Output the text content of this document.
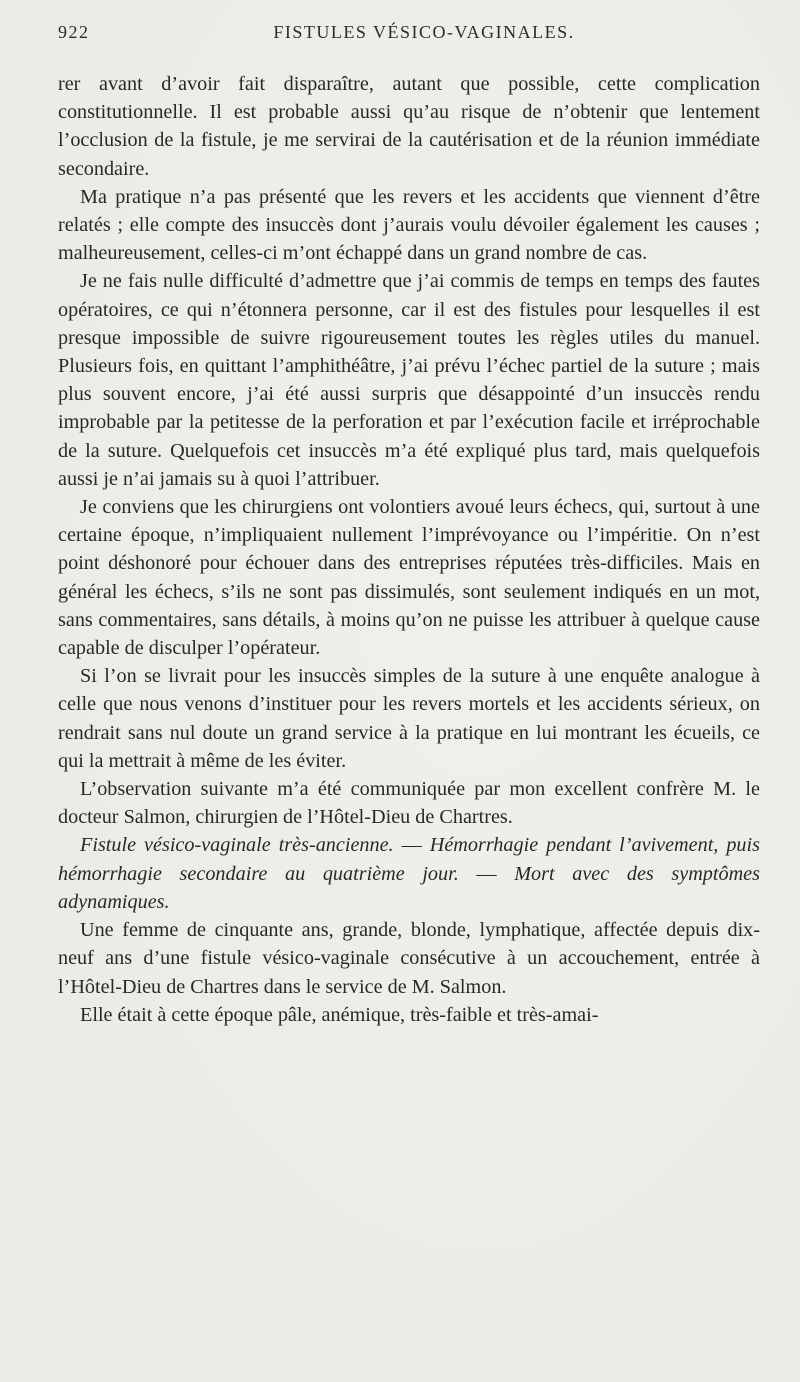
922	FISTULES VÉSICO-VAGINALES.

rer avant d’avoir fait disparaître, autant que possible, cette complication constitutionnelle. Il est probable aussi qu’au risque de n’obtenir que lentement l’occlusion de la fistule, je me servirai de la cautérisation et de la réunion immédiate secondaire.

Ma pratique n’a pas présenté que les revers et les accidents que viennent d’être relatés ; elle compte des insuccès dont j’aurais voulu dévoiler également les causes ; malheureusement, celles-ci m’ont échappé dans un grand nombre de cas.

Je ne fais nulle difficulté d’admettre que j’ai commis de temps en temps des fautes opératoires, ce qui n’étonnera personne, car il est des fistules pour lesquelles il est presque impossible de suivre rigoureusement toutes les règles utiles du manuel. Plusieurs fois, en quittant l’amphithéâtre, j’ai prévu l’échec partiel de la suture ; mais plus souvent encore, j’ai été aussi surpris que désappointé d’un insuccès rendu improbable par la petitesse de la perforation et par l’exécution facile et irréprochable de la suture. Quelquefois cet insuccès m’a été expliqué plus tard, mais quelquefois aussi je n’ai jamais su à quoi l’attribuer.

Je conviens que les chirurgiens ont volontiers avoué leurs échecs, qui, surtout à une certaine époque, n’impliquaient nullement l’imprévoyance ou l’impéritie. On n’est point déshonoré pour échouer dans des entreprises réputées très-difficiles. Mais en général les échecs, s’ils ne sont pas dissimulés, sont seulement indiqués en un mot, sans commentaires, sans détails, à moins qu’on ne puisse les attribuer à quelque cause capable de disculper l’opérateur.

Si l’on se livrait pour les insuccès simples de la suture à une enquête analogue à celle que nous venons d’instituer pour les revers mortels et les accidents sérieux, on rendrait sans nul doute un grand service à la pratique en lui montrant les écueils, ce qui la mettrait à même de les éviter.

L’observation suivante m’a été communiquée par mon excellent confrère M. le docteur Salmon, chirurgien de l’Hôtel-Dieu de Chartres.

Fistule vésico-vaginale très-ancienne. — Hémorrhagie pendant l’avivement, puis hémorrhagie secondaire au quatrième jour. — Mort avec des symptômes adynamiques.

Une femme de cinquante ans, grande, blonde, lymphatique, affectée depuis dix-neuf ans d’une fistule vésico-vaginale consécutive à un accouchement, entrée à l’Hôtel-Dieu de Chartres dans le service de M. Salmon.

Elle était à cette époque pâle, anémique, très-faible et très-amai-
